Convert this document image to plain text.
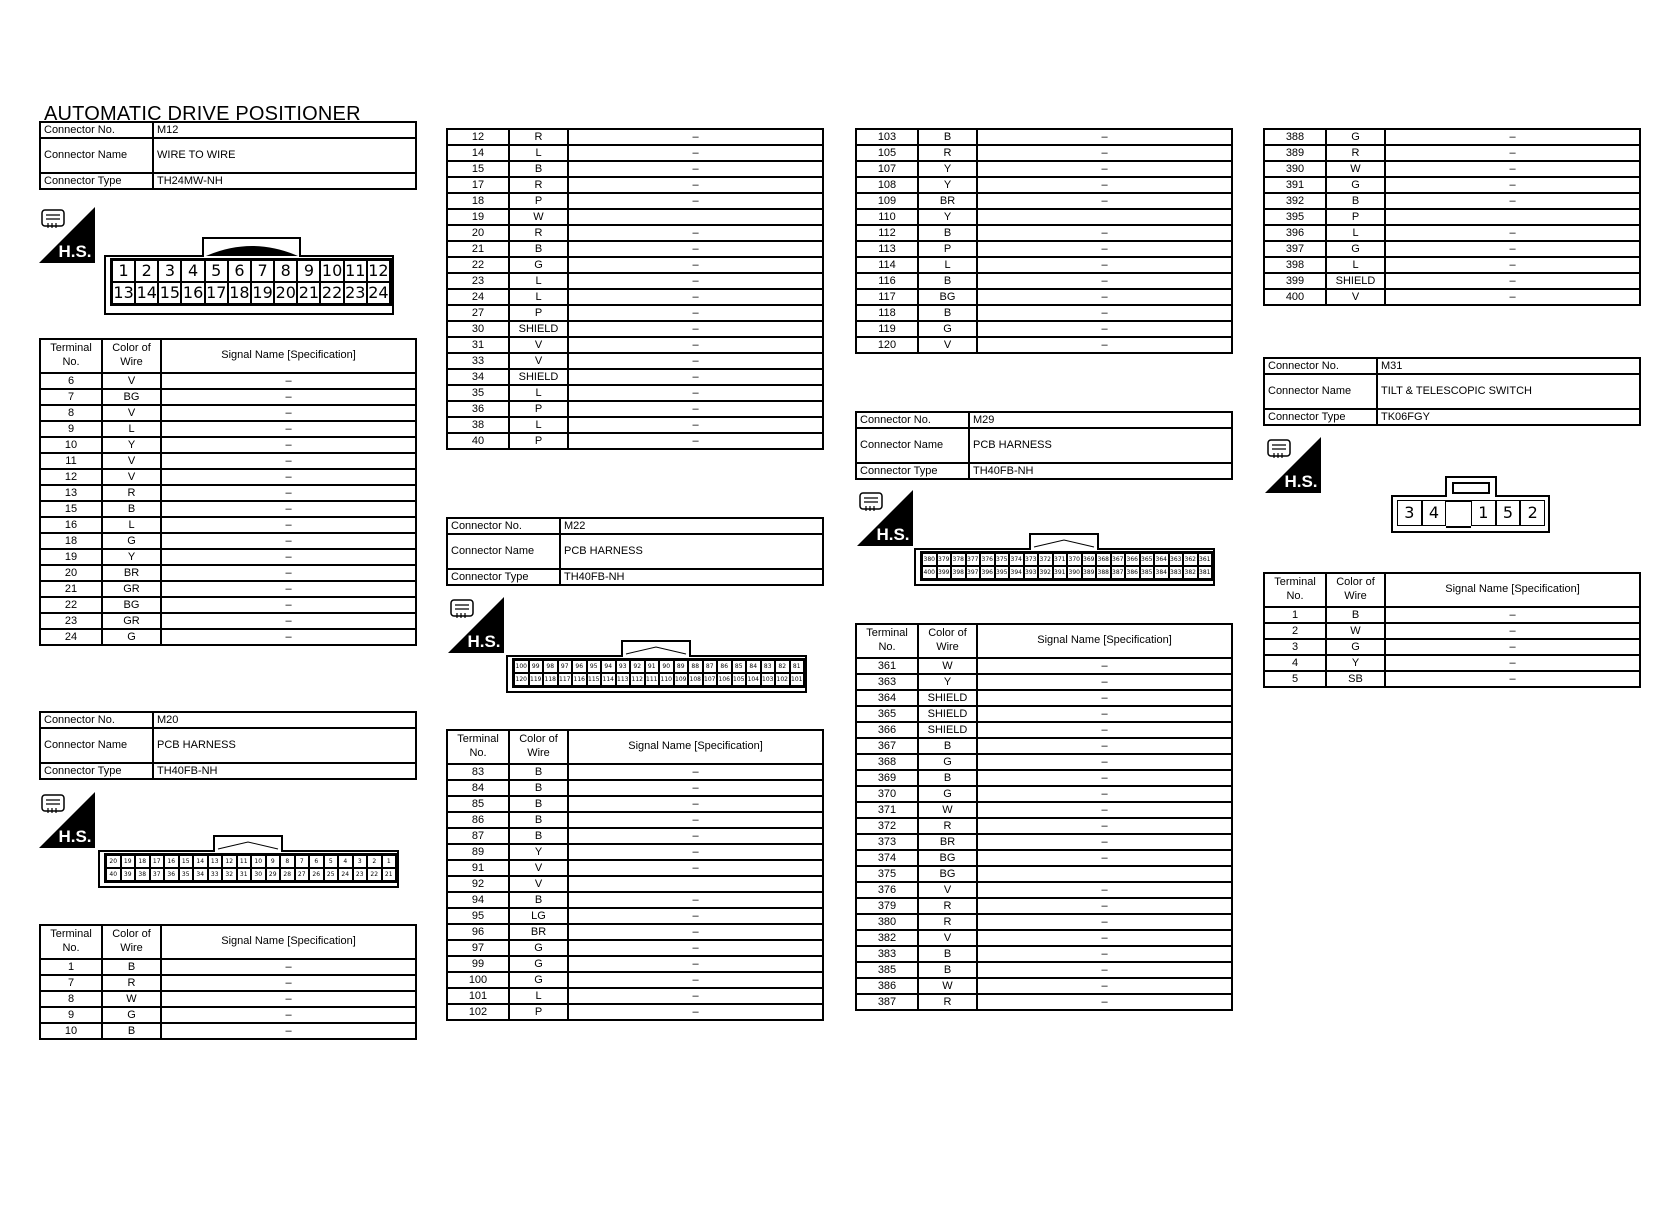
AUTOMATIC DRIVE POSITIONER
Connector No.	M12
Connector Name	WIRE TO WIRE
Connector Type	TH24MW-NH
H.S.
1 2 3 4 5 6 7 8 9 10 11 12
13 14 15 16 17 18 19 20 21 22 23 24
Terminal No.	Color of Wire	Signal Name [Specification]
6	V	–
7	BG	–
8	V	–
9	L	–
10	Y	–
11	V	–
12	V	–
13	R	–
15	B	–
16	L	–
18	G	–
19	Y	–
20	BR	–
21	GR	–
22	BG	–
23	GR	–
24	G	–
Connector No.	M20
Connector Name	PCB HARNESS
Connector Type	TH40FB-NH
H.S.
20	19	18	17	16	15	14	13	12	11	10	9	8	7	6	5	4	3	2	1
40	39	38	37	36	35	34	33	32	31	30	29	28	27	26	25	24	23	22	21
Terminal No.	Color of Wire	Signal Name [Specification]
1	B	–
7	R	–
8	W	–
9	G	–
10	B	–
12	R	–
14	L	–
15	B	–
17	R	–
18	P	–
19	W	
20	R	–
21	B	–
22	G	–
23	L	–
24	L	–
27	P	–
30	SHIELD	–
31	V	–
33	V	–
34	SHIELD	–
35	L	–
36	P	–
38	L	–
40	P	–
Connector No.	M22
Connector Name	PCB HARNESS
Connector Type	TH40FB-NH
H.S.
100 99	98	97	96	95	94	93	92	91	90	89	88	87	86	85	84	83	82	81
120 119 118 117 116 115 114 113 112 111 110 109 108 107 106 105 104 103 102 101
Terminal No.	Color of Wire	Signal Name [Specification]
83	B	–
84	B	–
85	B	–
86	B	–
87	B	–
89	Y	–
91	V	–
92	V	
94	B	–
95	LG	–
96	BR	–
97	G	–
99	G	–
100	G	–
101	L	–
102	P	–
103	B	–
105	R	–
107	Y	–
108	Y	–
109	BR	–
110	Y	
112	B	–
113	P	–
114	L	–
116	B	–
117	BG	–
118	B	–
119	G	–
120	V	–
Connector No.	M29
Connector Name	PCB HARNESS
Connector Type	TH40FB-NH
H.S.
380 379 378 377 376 375 374 373 372 371 370 369 368 367 366 365 364 363 362 361
400 399 398 397 396 395 394 393 392 391 390 389 388 387 386 385 384 383 382 381
Terminal No.	Color of Wire	Signal Name [Specification]
361	W	–
363	Y	–
364	SHIELD	–
365	SHIELD	–
366	SHIELD	–
367	B	–
368	G	–
369	B	–
370	G	–
371	W	–
372	R	–
373	BR	–
374	BG	–
375	BG	
376	V	–
379	R	–
380	R	–
382	V	–
383	B	–
385	B	–
386	W	–
387	R	–
388	G	–
389	R	–
390	W	–
391	G	–
392	B	–
395	P	
396	L	–
397	G	–
398	L	–
399	SHIELD	–
400	V	–
Connector No.	M31
Connector Name	TILT & TELESCOPIC SWITCH
Connector Type	TK06FGY
H.S.
3 4	1 5 2
Terminal No.	Color of Wire	Signal Name [Specification]
1	B	–
2	W	–
3	G	–
4	Y	–
5	SB	–
